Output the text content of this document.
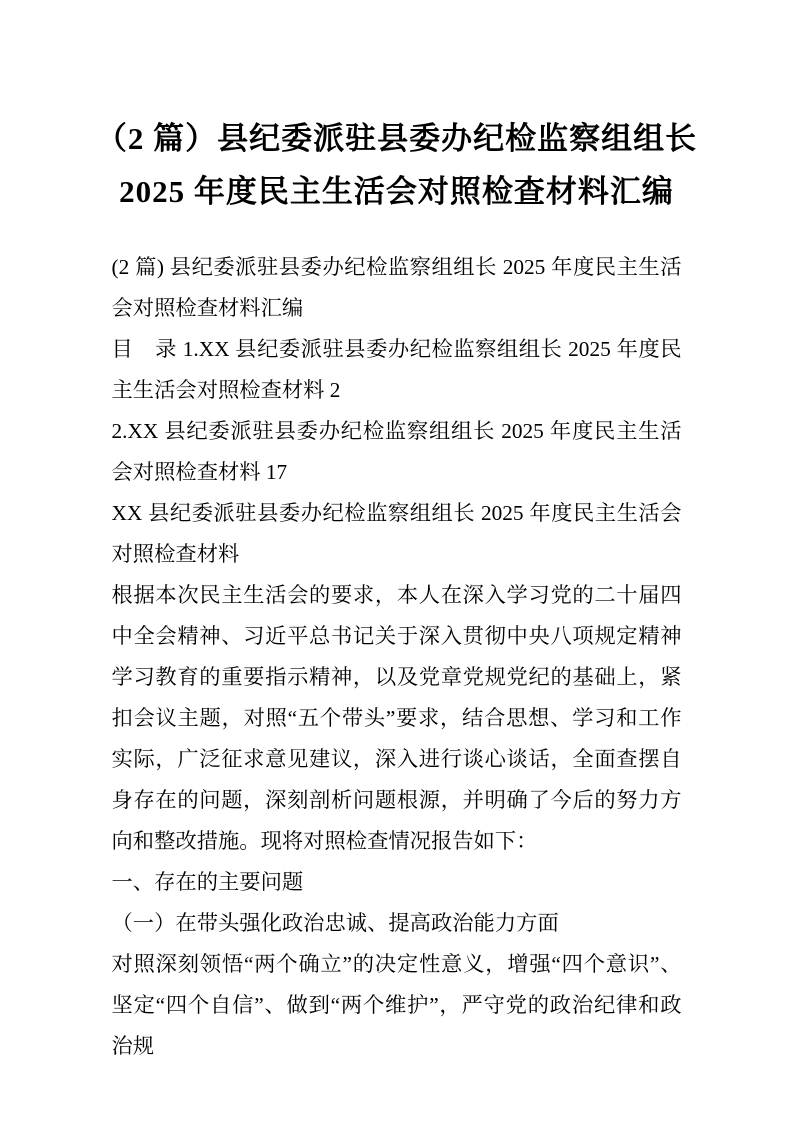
（2 篇）县纪委派驻县委办纪检监察组组长
2025 年度民主生活会对照检查材料汇编

(2 篇) 县纪委派驻县委办纪检监察组组长 2025 年度民主生活会对照检查材料汇编

目　录 1.XX 县纪委派驻县委办纪检监察组组长 2025 年度民主生活会对照检查材料 2

2.XX 县纪委派驻县委办纪检监察组组长 2025 年度民主生活会对照检查材料 17

XX 县纪委派驻县委办纪检监察组组长 2025 年度民主生活会对照检查材料

根据本次民主生活会的要求，本人在深入学习党的二十届四中全会精神、习近平总书记关于深入贯彻中央八项规定精神学习教育的重要指示精神，以及党章党规党纪的基础上，紧扣会议主题，对照“五个带头”要求，结合思想、学习和工作实际，广泛征求意见建议，深入进行谈心谈话，全面查摆自身存在的问题，深刻剖析问题根源，并明确了今后的努力方向和整改措施。现将对照检查情况报告如下：

一、存在的主要问题

（一）在带头强化政治忠诚、提高政治能力方面

对照深刻领悟“两个确立”的决定性意义，增强“四个意识”、坚定“四个自信”、做到“两个维护”，严守党的政治纪律和政治规
